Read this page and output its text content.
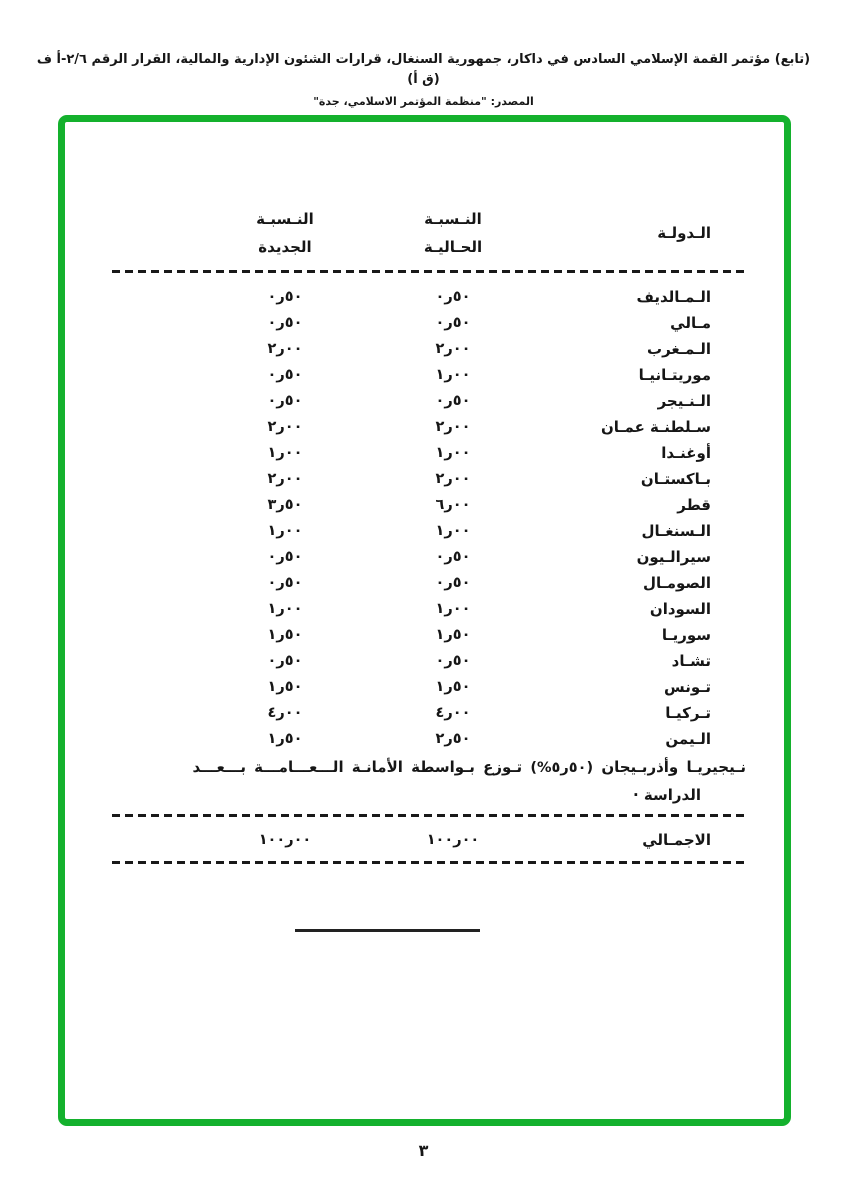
(تابع) مؤتمر القمة الإسلامي السادس في داكار، جمهورية السنغال، قرارات الشئون الإدارية والمالية، القرار الرقم ٢/٦-أ ف (ق أ)
المصدر: "منظمة المؤتمر الاسلامي، جدة"
الـدولـة
النـسبـة
الحـاليـة
النـسبـة
الجديدة
الـمـالديف
٠ر٥٠
٠ر٥٠
مـالي
٠ر٥٠
٠ر٥٠
الـمـغرب
٢ر٠٠
٢ر٠٠
موريتـانيـا
١ر٠٠
٠ر٥٠
الـنـيجر
٠ر٥٠
٠ر٥٠
سـلطنـة عمـان
٢ر٠٠
٢ر٠٠
أوغنـدا
١ر٠٠
١ر٠٠
بـاكستـان
٢ر٠٠
٢ر٠٠
قطر
٦ر٠٠
٣ر٥٠
الـسنغـال
١ر٠٠
١ر٠٠
سيرالـيون
٠ر٥٠
٠ر٥٠
الصومـال
٠ر٥٠
٠ر٥٠
السودان
١ر٠٠
١ر٠٠
سوريـا
١ر٥٠
١ر٥٠
تشـاد
٠ر٥٠
٠ر٥٠
تـونس
١ر٥٠
١ر٥٠
تـركيـا
٤ر٠٠
٤ر٠٠
الـيمن
٢ر٥٠
١ر٥٠
نـيجيريـا وأذربـيجان (%٥ر٥٠) تـوزع بـواسطة الأمانـة الـــعـــامـــة بـــعـــد
الدراسة ·
الاجمـالي
١٠٠ر٠٠
١٠٠ر٠٠
٣
